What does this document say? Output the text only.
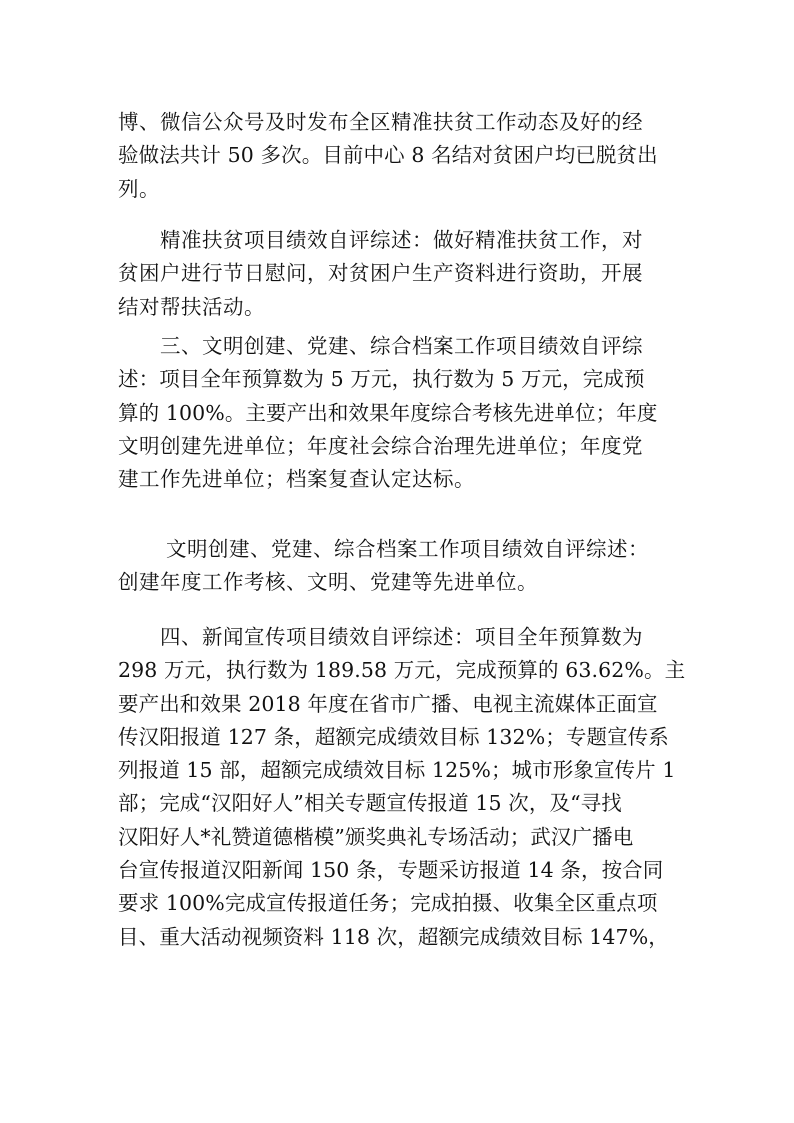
博、微信公众号及时发布全区精准扶贫工作动态及好的经
验做法共计 50 多次。目前中心 8 名结对贫困户均已脱贫出
列。
精准扶贫项目绩效自评综述：做好精准扶贫工作，对
贫困户进行节日慰问，对贫困户生产资料进行资助，开展
结对帮扶活动。
三、文明创建、党建、综合档案工作项目绩效自评综
述：项目全年预算数为 5 万元，执行数为 5 万元，完成预
算的 100%。主要产出和效果年度综合考核先进单位；年度
文明创建先进单位；年度社会综合治理先进单位；年度党
建工作先进单位；档案复查认定达标。
文明创建、党建、综合档案工作项目绩效自评综述：
创建年度工作考核、文明、党建等先进单位。
四、新闻宣传项目绩效自评综述：项目全年预算数为
298 万元，执行数为 189.58 万元，完成预算的 63.62%。主
要产出和效果 2018 年度在省市广播、电视主流媒体正面宣
传汉阳报道 127 条，超额完成绩效目标 132%；专题宣传系
列报道 15 部，超额完成绩效目标 125%；城市形象宣传片 1
部；完成“汉阳好人”相关专题宣传报道 15 次，及“寻找
汉阳好人*礼赞道德楷模”颁奖典礼专场活动；武汉广播电
台宣传报道汉阳新闻 150 条，专题采访报道 14 条，按合同
要求 100%完成宣传报道任务；完成拍摄、收集全区重点项
目、重大活动视频资料 118 次，超额完成绩效目标 147%，
